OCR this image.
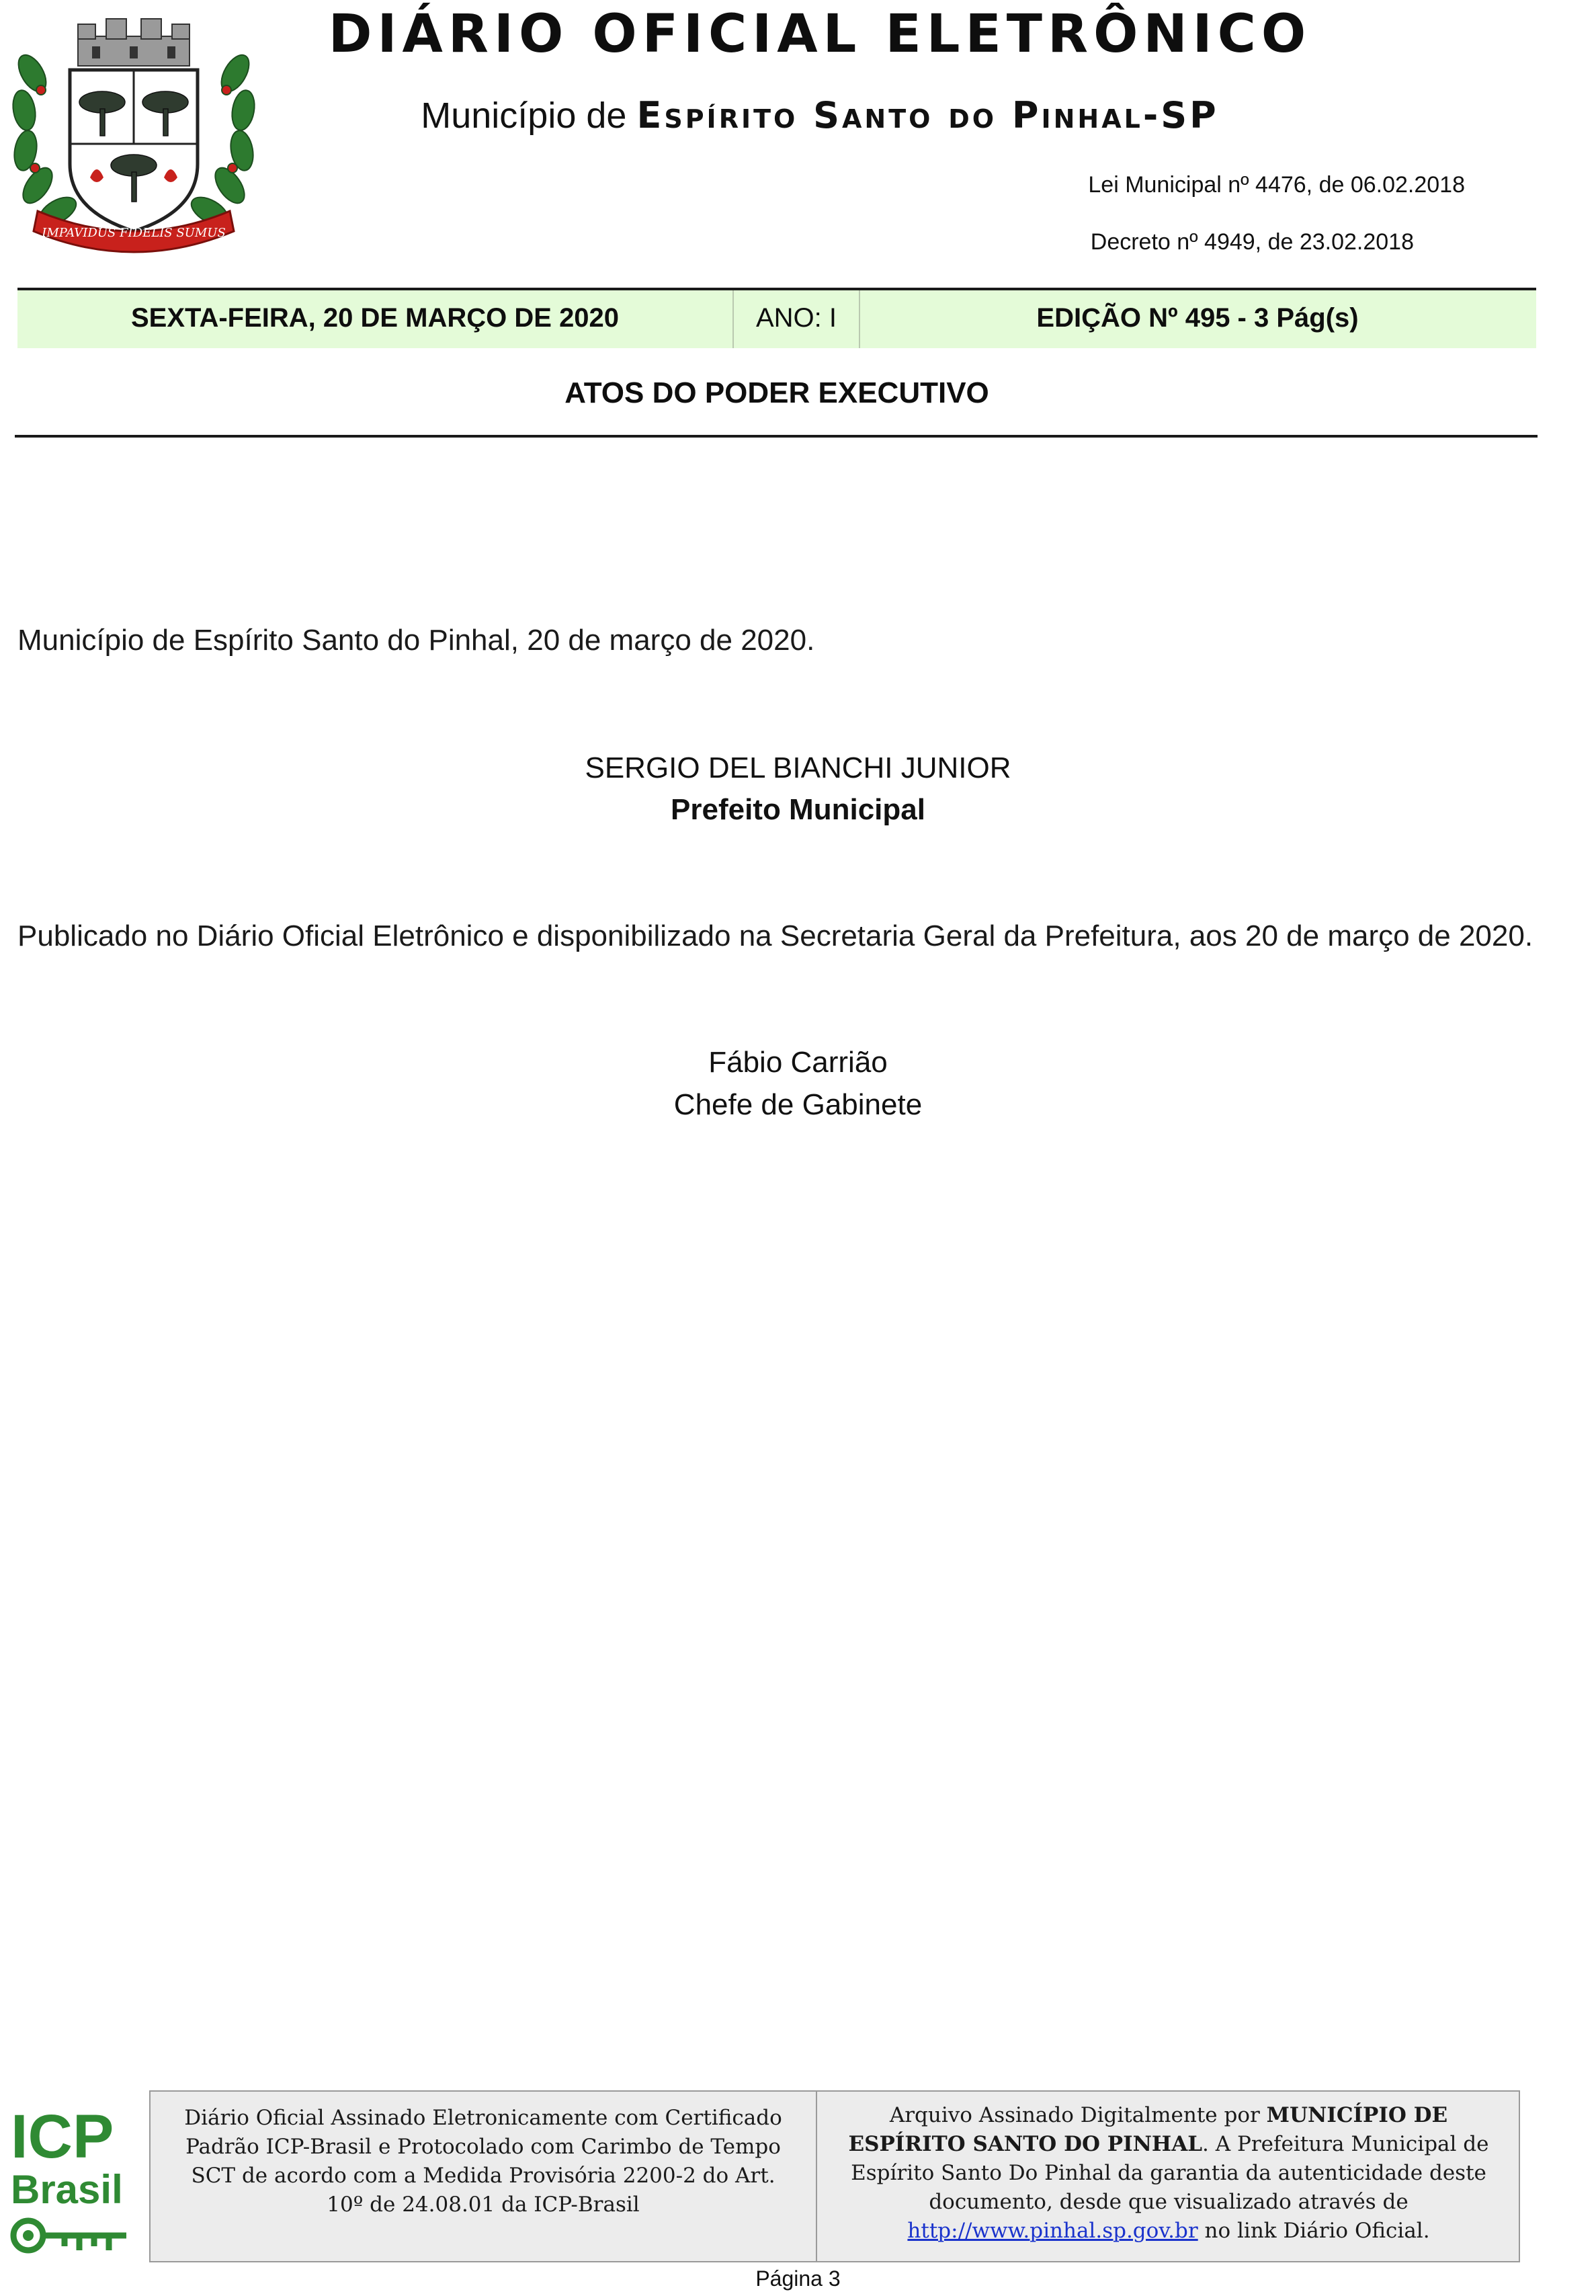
IMPAVIDUS FIDELIS SUMUS
DIÁRIO OFICIAL ELETRÔNICO
Município de Espírito Santo do Pinhal-SP
Lei Municipal nº 4476, de 06.02.2018
Decreto nº 4949, de 23.02.2018
SEXTA-FEIRA, 20 DE MARÇO DE 2020	ANO: I	EDIÇÃO Nº 495 - 3 Pág(s)
ATOS DO PODER EXECUTIVO
Município de Espírito Santo do Pinhal, 20 de março de 2020.
SERGIO DEL BIANCHI JUNIOR
Prefeito Municipal
Publicado no Diário Oficial Eletrônico e disponibilizado na Secretaria Geral da Prefeitura, aos 20 de março de 2020.
Fábio Carrião
Chefe de Gabinete
ICP
Brasil
Diário Oficial Assinado Eletronicamente com Certificado Padrão ICP-Brasil e Protocolado com Carimbo de Tempo SCT de acordo com a Medida Provisória 2200-2 do Art. 10º de 24.08.01 da ICP-Brasil
Arquivo Assinado Digitalmente por MUNICÍPIO DE ESPÍRITO SANTO DO PINHAL. A Prefeitura Municipal de Espírito Santo Do Pinhal da garantia da autenticidade deste documento, desde que visualizado através de http://www.pinhal.sp.gov.br no link Diário Oficial.
Página 3
